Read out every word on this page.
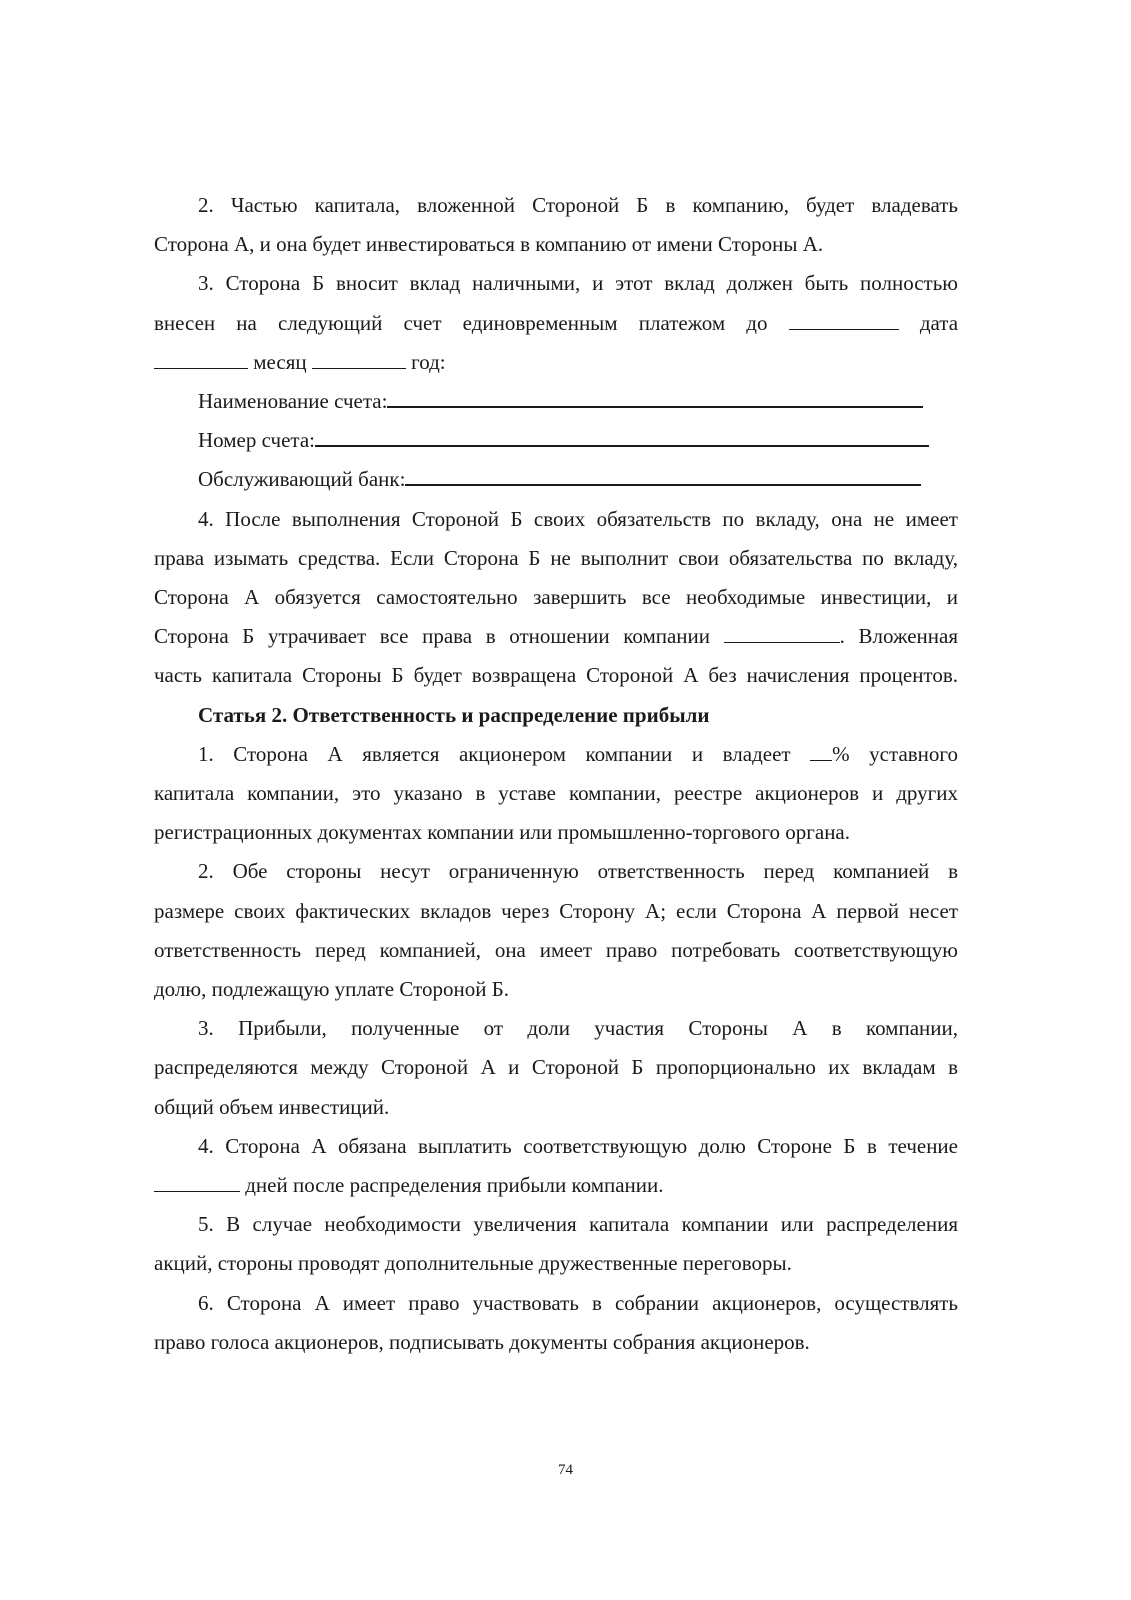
2. Частью капитала, вложенной Стороной Б в компанию, будет владевать

Сторона А, и она будет инвестироваться в компанию от имени Стороны А.

3. Сторона Б вносит вклад наличными, и этот вклад должен быть полностью

внесен на следующий счет единовременным платежом до	дата

месяц	год:

Наименование счета:

Номер счета:

Обслуживающий банк:

4. После выполнения Стороной Б своих обязательств по вкладу, она не имеет

права изымать средства. Если Сторона Б не выполнит свои обязательства по вкладу,

Сторона А обязуется самостоятельно завершить все необходимые инвестиции, и

Сторона Б утрачивает все права в отношении компании	. Вложенная

часть капитала Стороны Б будет возвращена Стороной А без начисления процентов.

Статья 2. Ответственность и распределение прибыли

1. Сторона А является акционером компании и владеет % уставного

капитала компании, это указано в уставе компании, реестре акционеров и других

регистрационных документах компании или промышленно-торгового органа.

2. Обе стороны несут ограниченную ответственность перед компанией в

размере своих фактических вкладов через Сторону А; если Сторона А первой несет

ответственность перед компанией, она имеет право потребовать соответствующую

долю, подлежащую уплате Стороной Б.

3. Прибыли, полученные от доли участия Стороны А в компании,

распределяются между Стороной А и Стороной Б пропорционально их вкладам в

общий объем инвестиций.

4. Сторона А обязана выплатить соответствующую долю Стороне Б в течение

дней после распределения прибыли компании.

5. В случае необходимости увеличения капитала компании или распределения

акций, стороны проводят дополнительные дружественные переговоры.

6. Сторона А имеет право участвовать в собрании акционеров, осуществлять

право голоса акционеров, подписывать документы собрания акционеров.

74
